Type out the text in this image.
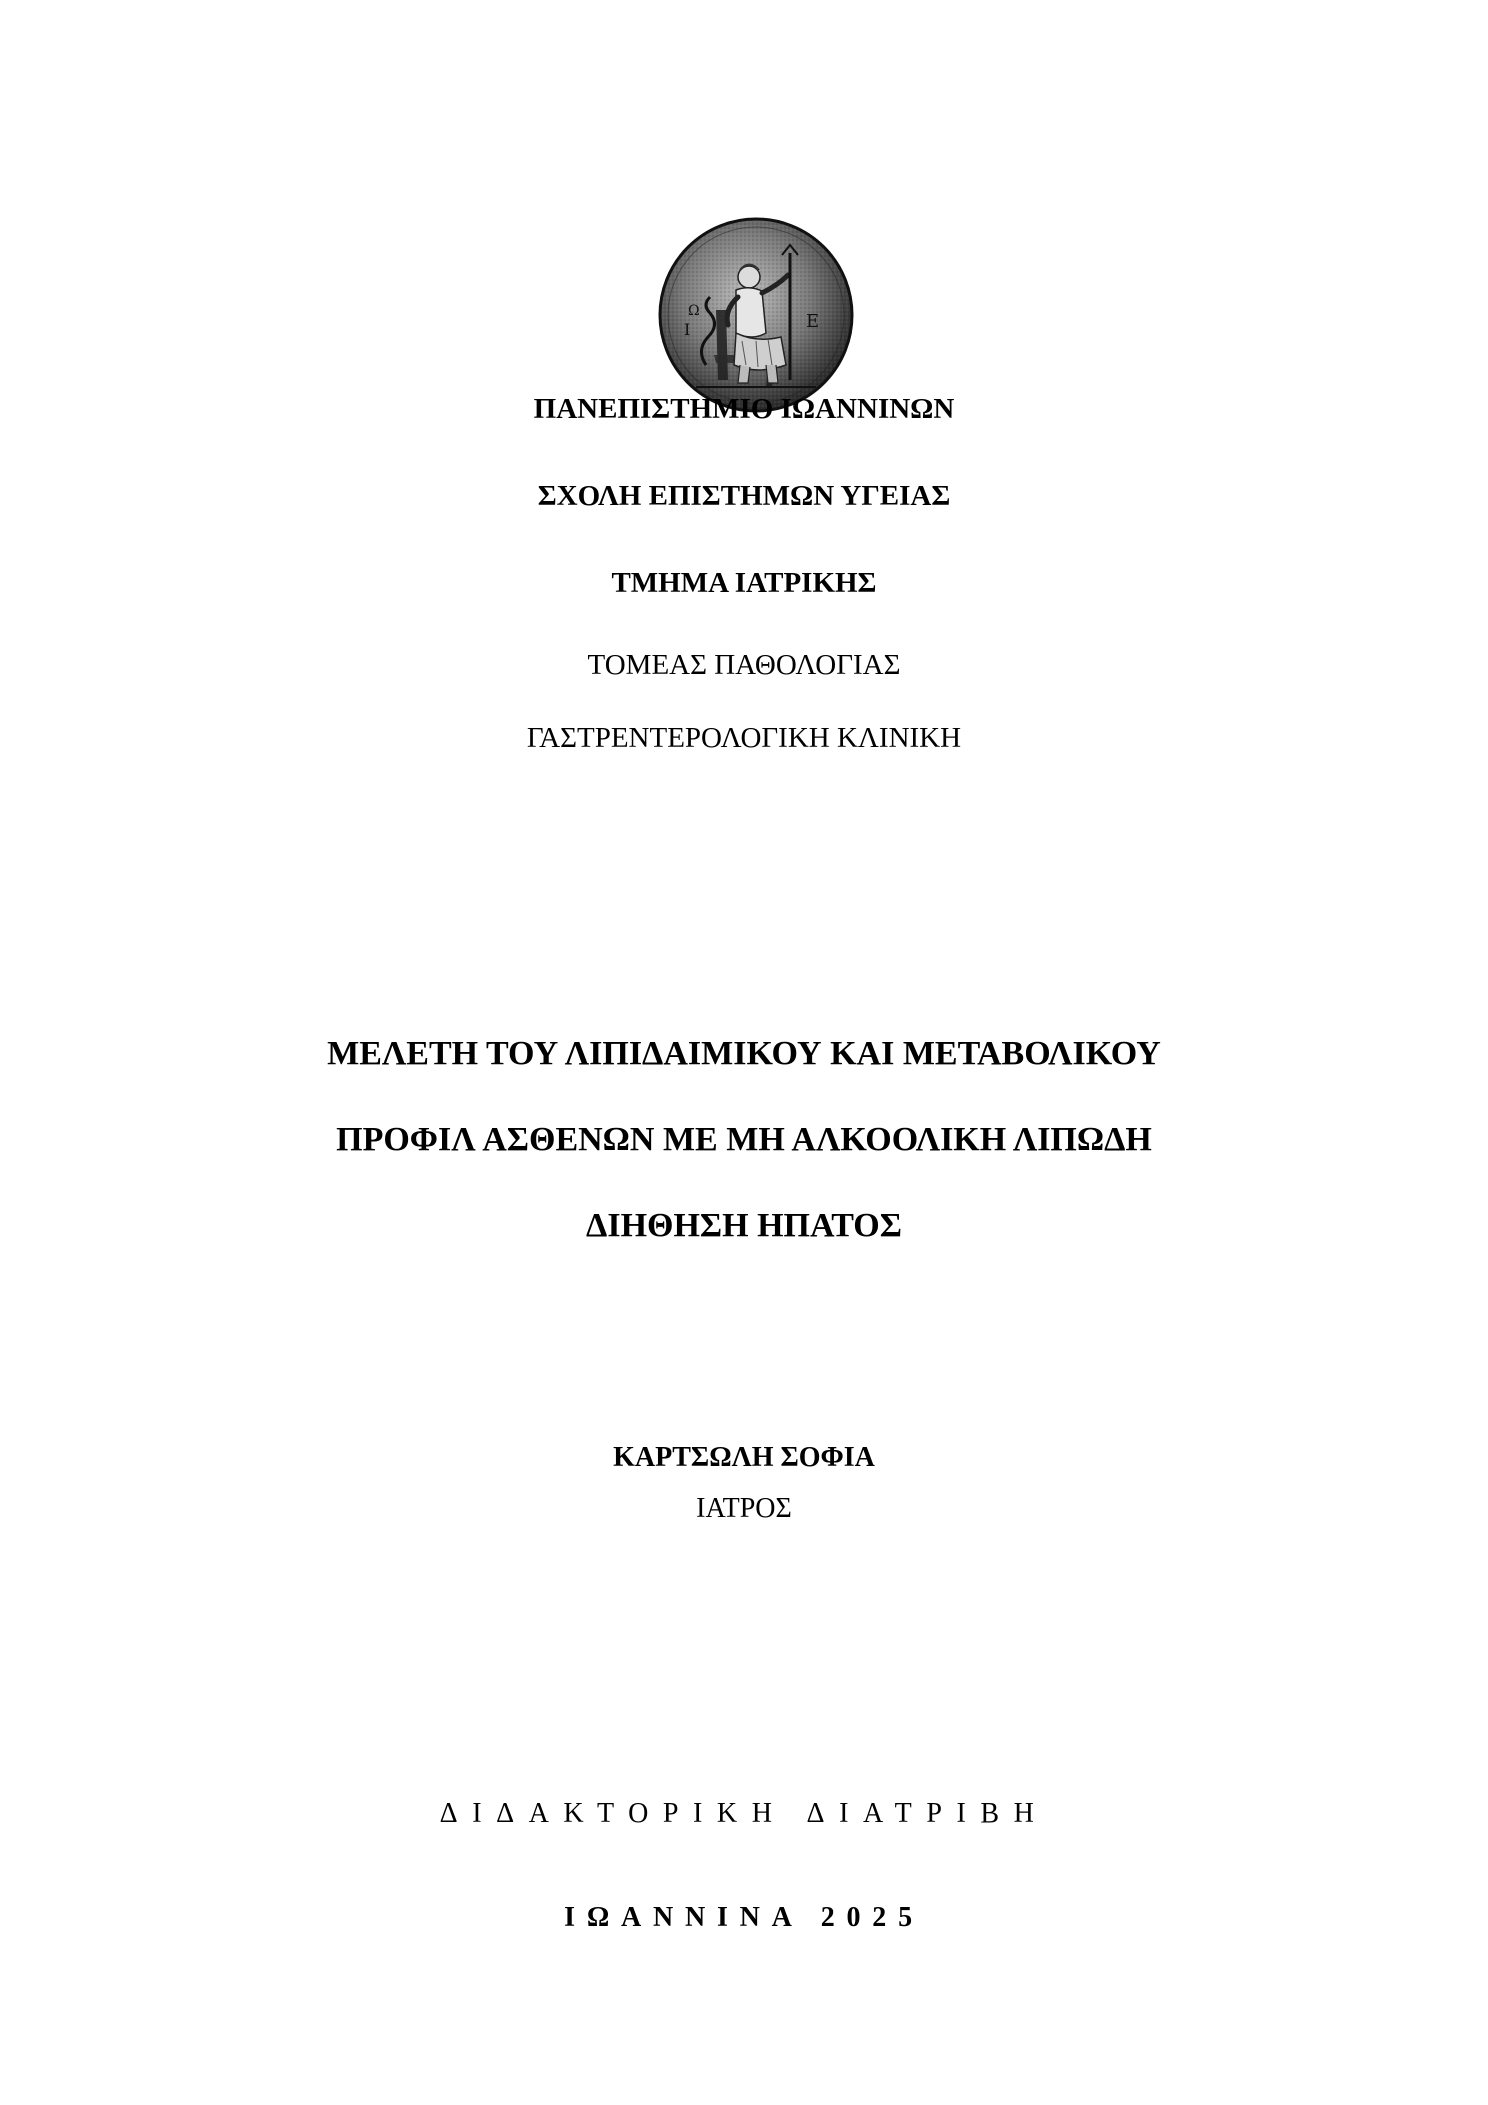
Ι
Ω	Ε

ΠΑΝΕΠΙΣΤΗΜΙΟ ΙΩΑΝΝΙΝΩΝ

ΣΧΟΛΗ ΕΠΙΣΤΗΜΩΝ ΥΓΕΙΑΣ

ΤΜΗΜΑ ΙΑΤΡΙΚΗΣ

ΤΟΜΕΑΣ ΠΑΘΟΛΟΓΙΑΣ

ΓΑΣΤΡΕΝΤΕΡΟΛΟΓΙΚΗ ΚΛΙΝΙΚΗ

ΜΕΛΕΤΗ ΤΟΥ ΛΙΠΙΔΑΙΜΙΚΟΥ ΚΑΙ ΜΕΤΑΒΟΛΙΚΟΥ

ΠΡΟΦΙΛ ΑΣΘΕΝΩΝ ΜΕ ΜΗ ΑΛΚΟΟΛΙΚΗ ΛΙΠΩΔΗ

ΔΙΗΘΗΣΗ ΗΠΑΤΟΣ

ΚΑΡΤΣΩΛΗ ΣΟΦΙΑ

ΙΑΤΡΟΣ

ΔΙΔΑΚΤΟΡΙΚΗ ΔΙΑΤΡΙΒΗ

ΙΩΑΝΝΙΝΑ 2025
